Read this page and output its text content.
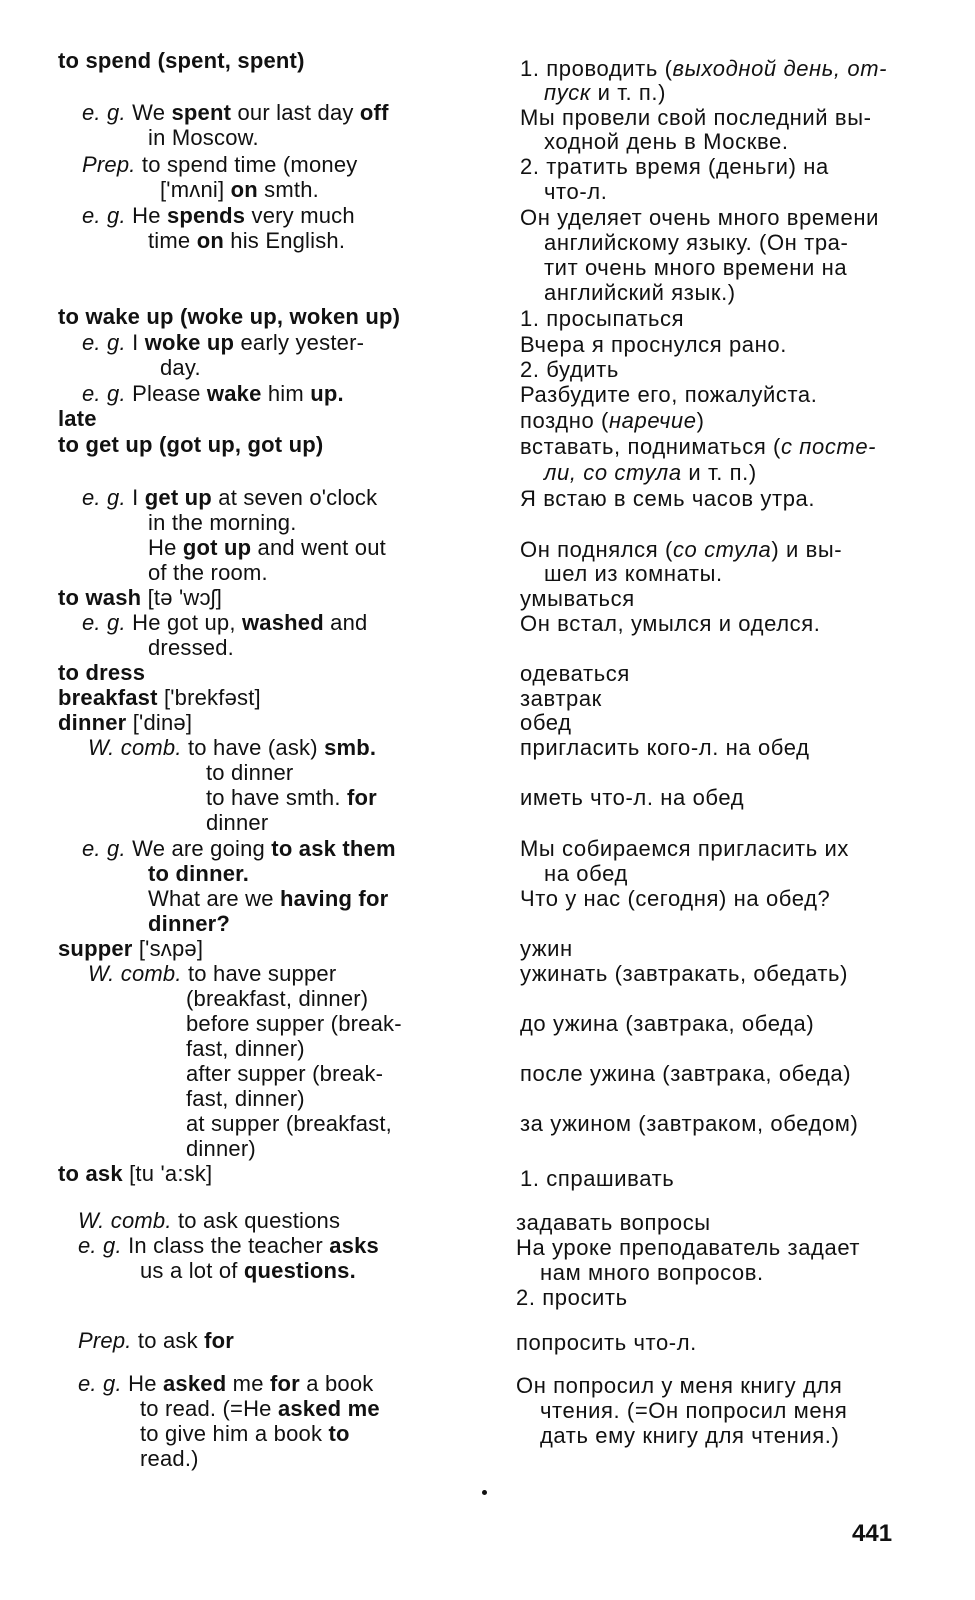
to spend (spent, spent)
e. g. We spent our last day off
in Moscow.
Prep. to spend time (money
['mʌni] on smth.
e. g. He spends very much
time on his English.
to wake up (woke up, woken up)
e. g. I woke up early yester-
day.
e. g. Please wake him up.
late
to get up (got up, got up)
e. g. I get up at seven o'clock
in the morning.
He got up and went out
of the room.
to wash [tə 'wɔʃ]
e. g. He got up, washed and
dressed.
to dress
breakfast ['brekfəst]
dinner ['dinə]
W. comb. to have (ask) smb.
to dinner
to have smth. for
dinner
e. g. We are going to ask them
to dinner.
What are we having for
dinner?
supper ['sʌpə]
W. comb. to have supper
(breakfast, dinner)
before supper (break-
fast, dinner)
after supper (break-
fast, dinner)
at supper (breakfast,
dinner)
to ask [tu 'a:sk]
W. comb. to ask questions
e. g. In class the teacher asks
us a lot of questions.
Prep. to ask for
e. g. He asked me for a book
to read. (=He asked me
to give him a book to
read.)
1. проводить (выходной день, от-
пуск и т. п.)
Мы провели свой последний вы-
ходной день в Москве.
2. тратить время (деньги) на
что-л.
Он уделяет очень много времени
английскому языку. (Он тра-
тит очень много времени на
английский язык.)
1. просыпаться
Вчера я проснулся рано.
2. будить
Разбудите его, пожалуйста.
поздно (наречие)
вставать, подниматься (с посте-
ли, со стула и т. п.)
Я встаю в семь часов утра.
Он поднялся (со стула) и вы-
шел из комнаты.
умываться
Он встал, умылся и оделся.
одеваться
завтрак
обед
пригласить кого-л. на обед
иметь что-л. на обед
Мы собираемся пригласить их
на обед
Что у нас (сегодня) на обед?
ужин
ужинать (завтракать, обедать)
до ужина (завтрака, обеда)
после ужина (завтрака, обеда)
за ужином (завтраком, обедом)
1. спрашивать
задавать вопросы
На уроке преподаватель задает
нам много вопросов.
2. просить
попросить что-л.
Он попросил у меня книгу для
чтения. (=Он попросил меня
дать ему книгу для чтения.)
441
